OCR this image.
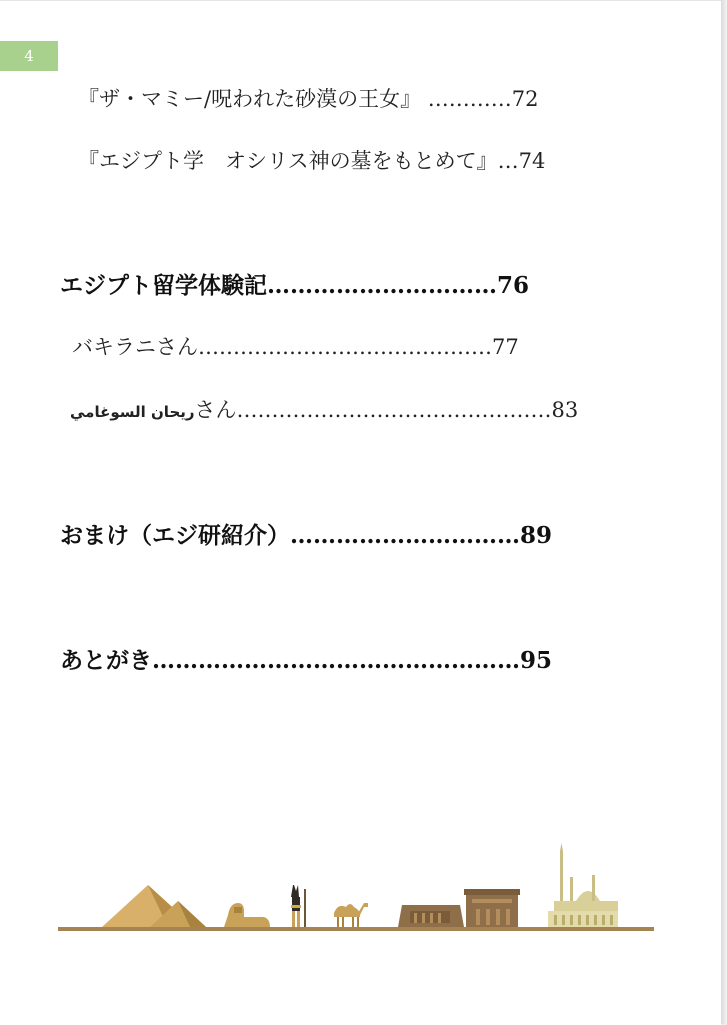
4
『ザ・マミー/呪われた砂漠の王女』 …………72
『エジプト学　オシリス神の墓をもとめて』…74
エジプト留学体験記…………………………76
バキラニさん……………………………………77
ريحان السوغاميさん………………………………………83
おまけ（エジ研紹介）…………………………89
あとがき…………………………………………95
